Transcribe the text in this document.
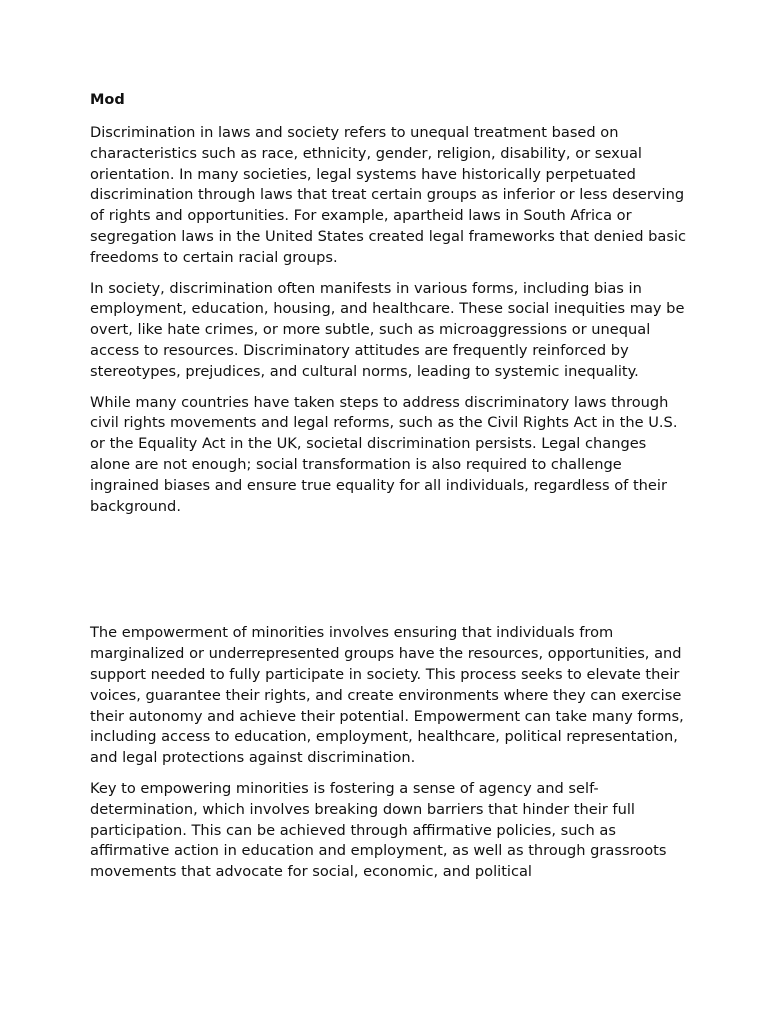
Mod

Discrimination in laws and society refers to unequal treatment based on characteristics such as race, ethnicity, gender, religion, disability, or sexual orientation. In many societies, legal systems have historically perpetuated discrimination through laws that treat certain groups as inferior or less deserving of rights and opportunities. For example, apartheid laws in South Africa or segregation laws in the United States created legal frameworks that denied basic freedoms to certain racial groups.

In society, discrimination often manifests in various forms, including bias in employment, education, housing, and healthcare. These social inequities may be overt, like hate crimes, or more subtle, such as microaggressions or unequal access to resources. Discriminatory attitudes are frequently reinforced by stereotypes, prejudices, and cultural norms, leading to systemic inequality.

While many countries have taken steps to address discriminatory laws through civil rights movements and legal reforms, such as the Civil Rights Act in the U.S. or the Equality Act in the UK, societal discrimination persists. Legal changes alone are not enough; social transformation is also required to challenge ingrained biases and ensure true equality for all individuals, regardless of their background.

The empowerment of minorities involves ensuring that individuals from marginalized or underrepresented groups have the resources, opportunities, and support needed to fully participate in society. This process seeks to elevate their voices, guarantee their rights, and create environments where they can exercise their autonomy and achieve their potential. Empowerment can take many forms, including access to education, employment, healthcare, political representation, and legal protections against discrimination.

Key to empowering minorities is fostering a sense of agency and self-determination, which involves breaking down barriers that hinder their full participation. This can be achieved through affirmative policies, such as affirmative action in education and employment, as well as through grassroots movements that advocate for social, economic, and political
